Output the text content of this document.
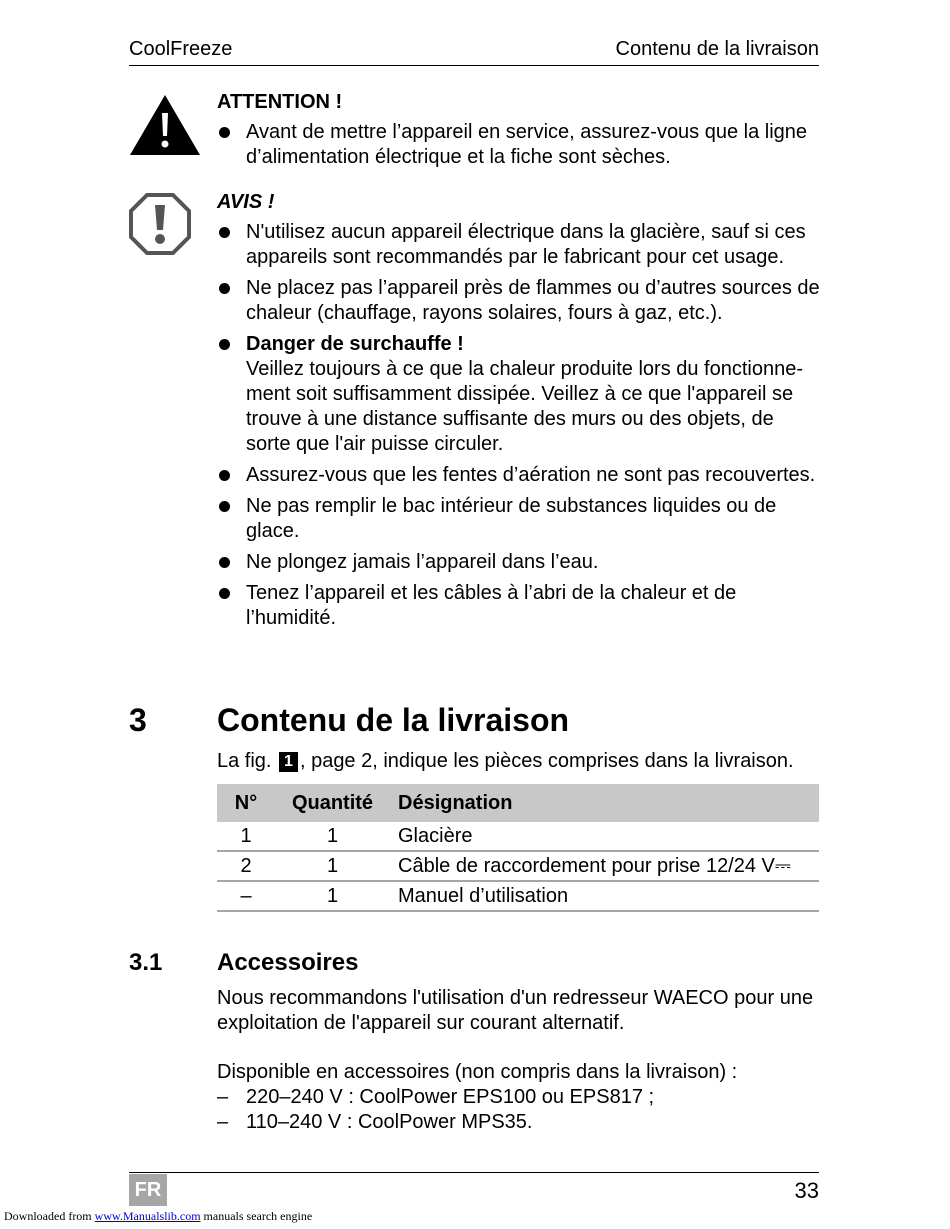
CoolFreeze	Contenu de la livraison
ATTENTION !
Avant de mettre l’appareil en service, assurez-vous que la ligne d’alimentation électrique et la fiche sont sèches.
AVIS !
N'utilisez aucun appareil électrique dans la glacière, sauf si ces appareils sont recommandés par le fabricant pour cet usage.
Ne placez pas l’appareil près de flammes ou d’autres sources de chaleur (chauffage, rayons solaires, fours à gaz, etc.).
Danger de surchauffe !
Veillez toujours à ce que la chaleur produite lors du fonctionne-
ment soit suffisamment dissipée. Veillez à ce que l'appareil se trouve à une distance suffisante des murs ou des objets, de sorte que l'air puisse circuler.
Assurez-vous que les fentes d’aération ne sont pas recouvertes.
Ne pas remplir le bac intérieur de substances liquides ou de glace.
Ne plongez jamais l’appareil dans l’eau.
Tenez l’appareil et les câbles à l’abri de la chaleur et de l’humidité.
3 Contenu de la livraison
La fig. 1 , page 2, indique les pièces comprises dans la livraison.
N°	Quantité	Désignation
1	1	Glacière
2	1	Câble de raccordement pour prise 12/24 V⎓
–	1	Manuel d’utilisation
3.1 Accessoires
Nous recommandons l'utilisation d'un redresseur WAECO pour une exploitation de l'appareil sur courant alternatif.
Disponible en accessoires (non compris dans la livraison) :
– 220–240 V : CoolPower EPS100 ou EPS817 ;
– 110–240 V : CoolPower MPS35.
FR	33
Downloaded from www.Manualslib.com manuals search engine
